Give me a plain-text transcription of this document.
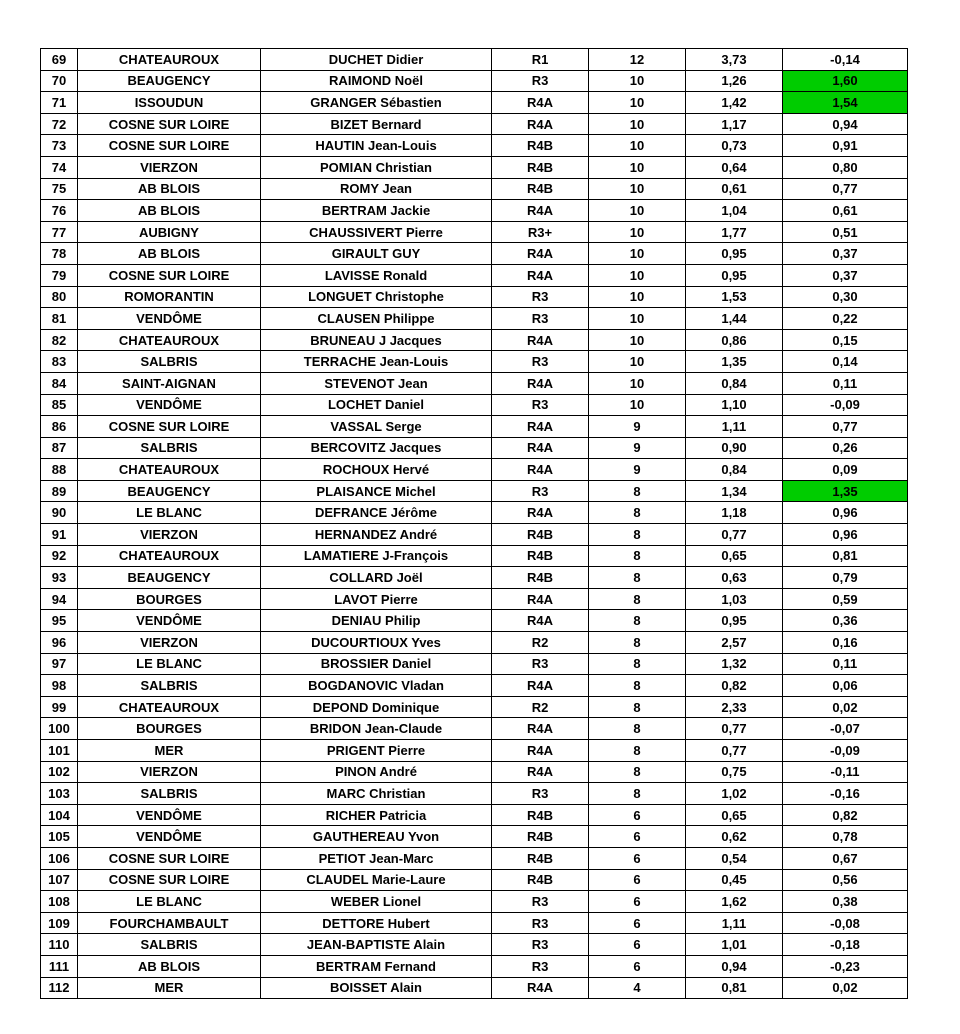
69	CHATEAUROUX	DUCHET Didier	R1	12	3,73	-0,14
70	BEAUGENCY	RAIMOND Noël	R3	10	1,26	1,60
71	ISSOUDUN	GRANGER Sébastien	R4A	10	1,42	1,54
72	COSNE SUR LOIRE	BIZET Bernard	R4A	10	1,17	0,94
73	COSNE SUR LOIRE	HAUTIN Jean-Louis	R4B	10	0,73	0,91
74	VIERZON	POMIAN Christian	R4B	10	0,64	0,80
75	AB BLOIS	ROMY Jean	R4B	10	0,61	0,77
76	AB BLOIS	BERTRAM Jackie	R4A	10	1,04	0,61
77	AUBIGNY	CHAUSSIVERT Pierre	R3+	10	1,77	0,51
78	AB BLOIS	GIRAULT GUY	R4A	10	0,95	0,37
79	COSNE SUR LOIRE	LAVISSE Ronald	R4A	10	0,95	0,37
80	ROMORANTIN	LONGUET Christophe	R3	10	1,53	0,30
81	VENDÔME	CLAUSEN Philippe	R3	10	1,44	0,22
82	CHATEAUROUX	BRUNEAU J Jacques	R4A	10	0,86	0,15
83	SALBRIS	TERRACHE Jean-Louis	R3	10	1,35	0,14
84	SAINT-AIGNAN	STEVENOT Jean	R4A	10	0,84	0,11
85	VENDÔME	LOCHET Daniel	R3	10	1,10	-0,09
86	COSNE SUR LOIRE	VASSAL Serge	R4A	9	1,11	0,77
87	SALBRIS	BERCOVITZ Jacques	R4A	9	0,90	0,26
88	CHATEAUROUX	ROCHOUX Hervé	R4A	9	0,84	0,09
89	BEAUGENCY	PLAISANCE Michel	R3	8	1,34	1,35
90	LE BLANC	DEFRANCE Jérôme	R4A	8	1,18	0,96
91	VIERZON	HERNANDEZ André	R4B	8	0,77	0,96
92	CHATEAUROUX	LAMATIERE J-François	R4B	8	0,65	0,81
93	BEAUGENCY	COLLARD Joël	R4B	8	0,63	0,79
94	BOURGES	LAVOT Pierre	R4A	8	1,03	0,59
95	VENDÔME	DENIAU Philip	R4A	8	0,95	0,36
96	VIERZON	DUCOURTIOUX Yves	R2	8	2,57	0,16
97	LE BLANC	BROSSIER Daniel	R3	8	1,32	0,11
98	SALBRIS	BOGDANOVIC Vladan	R4A	8	0,82	0,06
99	CHATEAUROUX	DEPOND Dominique	R2	8	2,33	0,02
100	BOURGES	BRIDON Jean-Claude	R4A	8	0,77	-0,07
101	MER	PRIGENT Pierre	R4A	8	0,77	-0,09
102	VIERZON	PINON André	R4A	8	0,75	-0,11
103	SALBRIS	MARC Christian	R3	8	1,02	-0,16
104	VENDÔME	RICHER Patricia	R4B	6	0,65	0,82
105	VENDÔME	GAUTHEREAU Yvon	R4B	6	0,62	0,78
106	COSNE SUR LOIRE	PETIOT Jean-Marc	R4B	6	0,54	0,67
107	COSNE SUR LOIRE	CLAUDEL Marie-Laure	R4B	6	0,45	0,56
108	LE BLANC	WEBER Lionel	R3	6	1,62	0,38
109	FOURCHAMBAULT	DETTORE Hubert	R3	6	1,11	-0,08
110	SALBRIS	JEAN-BAPTISTE Alain	R3	6	1,01	-0,18
111	AB BLOIS	BERTRAM Fernand	R3	6	0,94	-0,23
112	MER	BOISSET Alain	R4A	4	0,81	0,02
